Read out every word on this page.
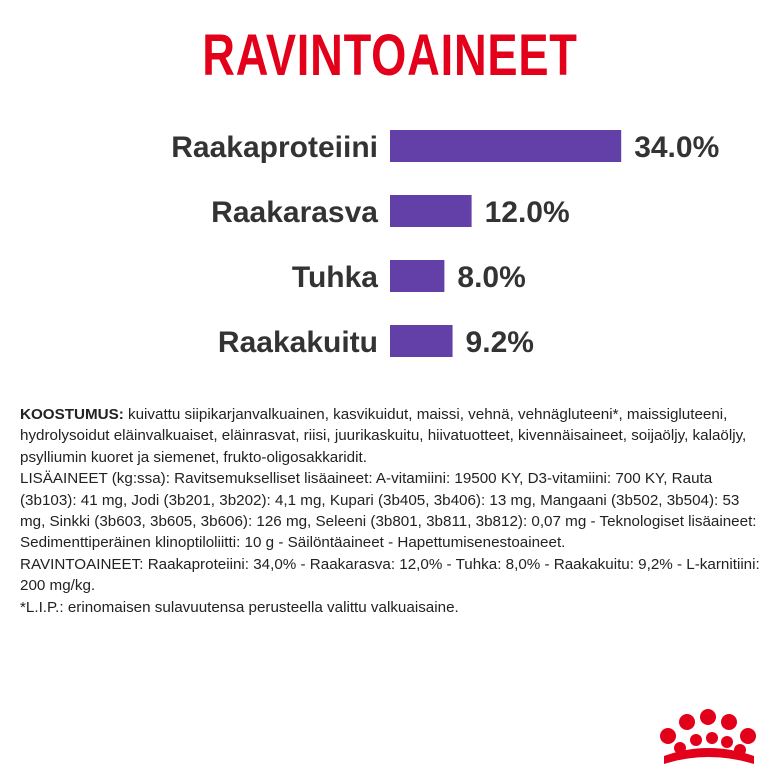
RAVINTOAINEET
Raakaproteiini	34.0%
Raakarasva	12.0%
Tuhka	8.0%
Raakakuitu	9.2%

KOOSTUMUS: kuivattu siipikarjanvalkuainen, kasvikuidut, maissi, vehnä, vehnägluteeni*, maissigluteeni, hydrolysoidut eläinvalkuaiset, eläinrasvat, riisi, juurikaskuitu, hiivatuotteet, kivennäisaineet, soijaöljy, kalaöljy, psylliumin kuoret ja siemenet, frukto-oligosakkaridit.

LISÄAINEET (kg:ssa): Ravitsemukselliset lisäaineet: A-vitamiini: 19500 KY, D3-vitamiini: 700 KY, Rauta (3b103): 41 mg, Jodi (3b201, 3b202): 4,1 mg, Kupari (3b405, 3b406): 13 mg, Mangaani (3b502, 3b504): 53 mg, Sinkki (3b603, 3b605, 3b606): 126 mg, Seleeni (3b801, 3b811, 3b812): 0,07 mg - Teknologiset lisäaineet: Sedimenttiperäinen klinoptiloliitti: 10 g - Säilöntäaineet - Hapettumisenestoaineet.

RAVINTOAINEET: Raakaproteiini: 34,0% - Raakarasva: 12,0% - Tuhka: 8,0% - Raakakuitu: 9,2% - L-karnitiini: 200 mg/kg.

*L.I.P.: erinomaisen sulavuutensa perusteella valittu valkuaisaine.
